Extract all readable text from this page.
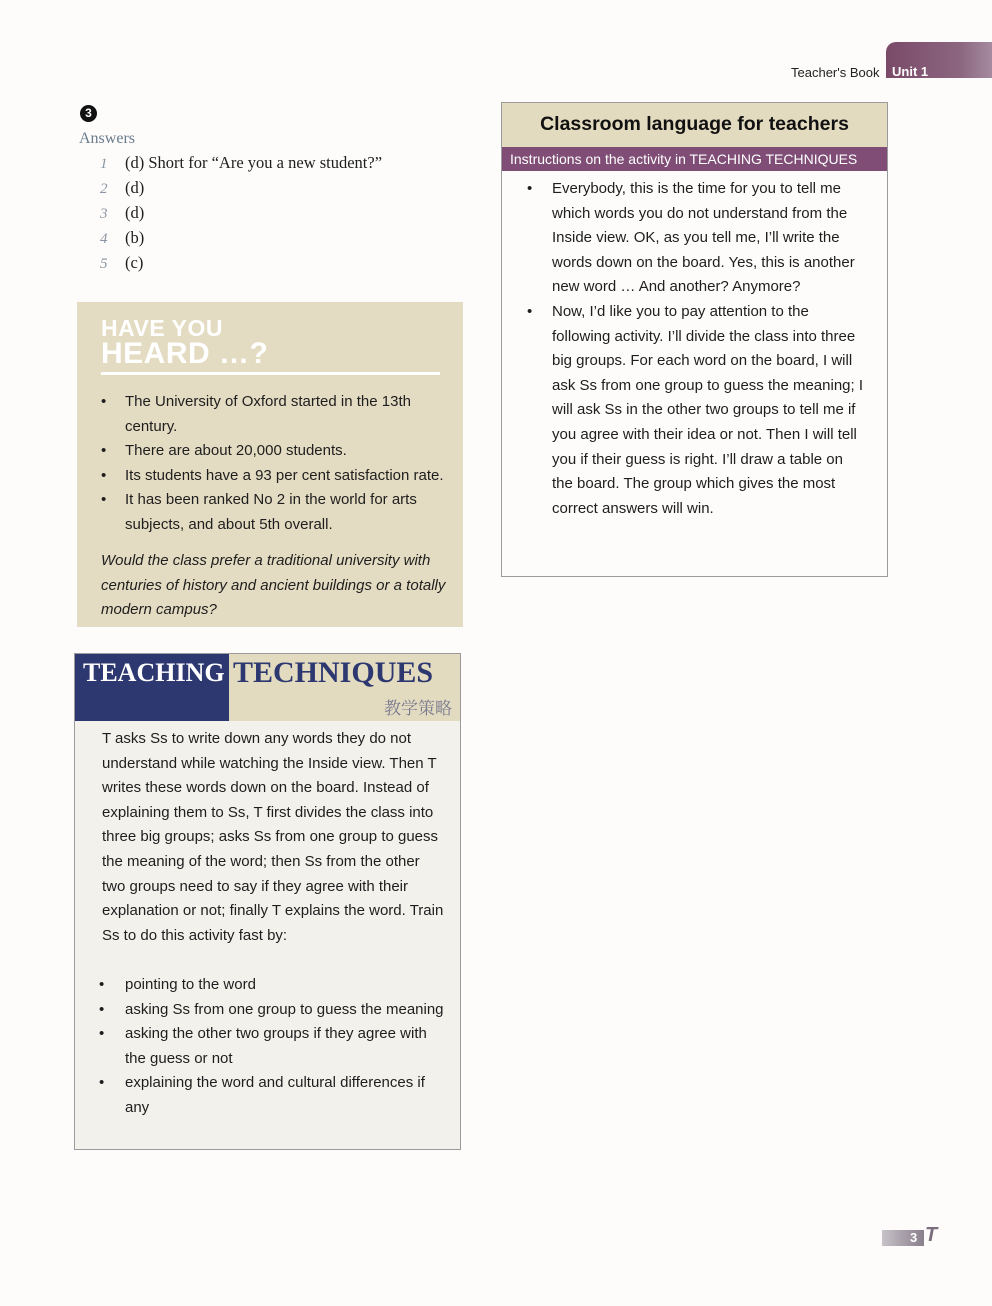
Teacher's Book Unit 1
3
Answers
1 (d) Short for “Are you a new student?”
2 (d)
3 (d)
4 (b)
5 (c)
HAVE YOU
HEARD …?
• The University of Oxford started in the 13th century.
• There are about 20,000 students.
• Its students have a 93 per cent satisfaction rate.
• It has been ranked No 2 in the world for arts subjects, and about 5th overall.
Would the class prefer a traditional university with centuries of history and ancient buildings or a totally modern campus?
TEACHING TECHNIQUES
教学策略
T asks Ss to write down any words they do not understand while watching the Inside view. Then T writes these words down on the board. Instead of explaining them to Ss, T first divides the class into three big groups; asks Ss from one group to guess the meaning of the word; then Ss from the other two groups need to say if they agree with their explanation or not; finally T explains the word. Train Ss to do this activity fast by:
• pointing to the word
• asking Ss from one group to guess the meaning
• asking the other two groups if they agree with the guess or not
• explaining the word and cultural differences if any
Classroom language for teachers
Instructions on the activity in TEACHING TECHNIQUES
• Everybody, this is the time for you to tell me which words you do not understand from the Inside view. OK, as you tell me, I’ll write the words down on the board. Yes, this is another new word … And another? Anymore?
• Now, I’d like you to pay attention to the following activity. I’ll divide the class into three big groups. For each word on the board, I will ask Ss from one group to guess the meaning; I will ask Ss in the other two groups to tell me if you agree with their idea or not. Then I will tell you if their guess is right. I’ll draw a table on the board. The group which gives the most correct answers will win.
3 T
